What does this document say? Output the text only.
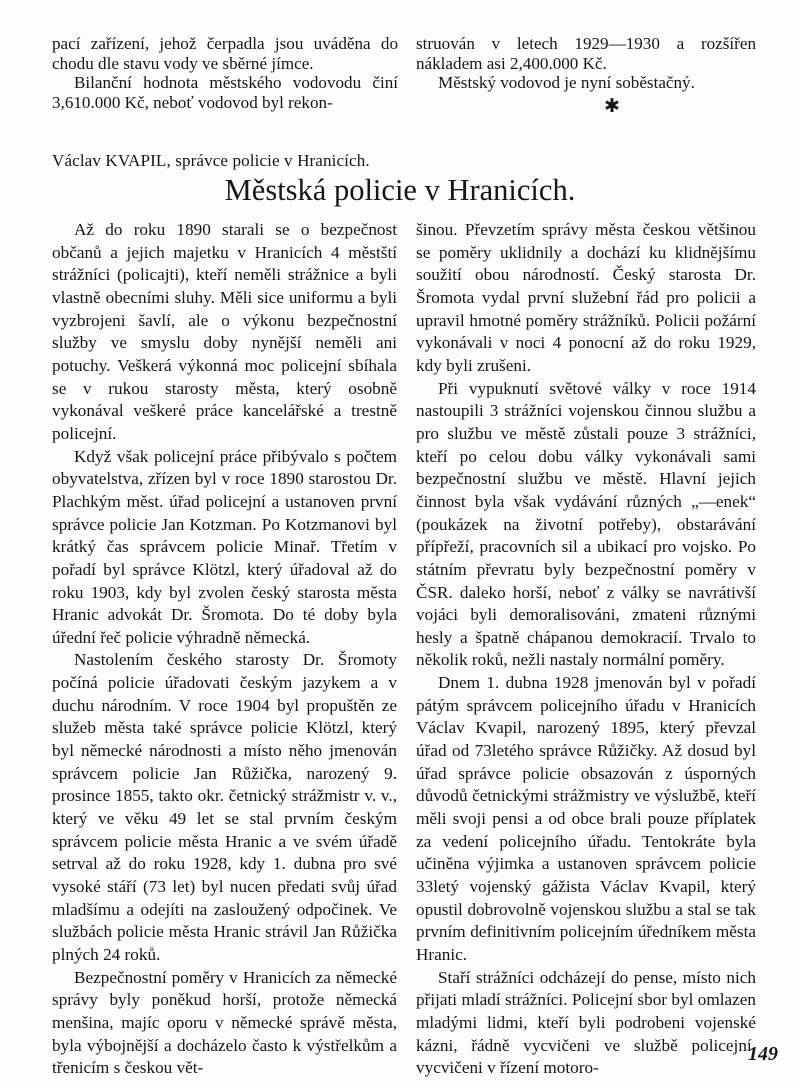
pací zařízení, jehož čerpadla jsou uváděna do chodu dle stavu vody ve sběrné jímce.

Bilanční hodnota městského vodovodu činí 3,610.000 Kč, neboť vodovod byl rekon-

struován v letech 1929—1930 a rozšířen nákladem asi 2,400.000 Kč.

Městský vodovod je nyní soběstačný.

✱
Václav KVAPIL, správce policie v Hranicích.
Městská policie v Hranicích.

Až do roku 1890 starali se o bezpečnost občanů a jejich majetku v Hranicích 4 městští strážníci (policajti), kteří neměli strážnice a byli vlastně obecními sluhy. Měli sice uniformu a byli vyzbrojeni šavlí, ale o výkonu bezpečnostní služby ve smyslu doby nynější neměli ani potuchy. Veškerá výkonná moc policejní sbíhala se v rukou starosty města, který osobně vykonával veškeré práce kancelářské a trestně policejní.

Když však policejní práce přibývalo s počtem obyvatelstva, zřízen byl v roce 1890 starostou Dr. Plachkým měst. úřad policejní a ustanoven první správce policie Jan Kotzman. Po Kotzmanovi byl krátký čas správcem policie Minař. Třetím v pořadí byl správce Klötzl, který úřadoval až do roku 1903, kdy byl zvolen český starosta města Hranic advokát Dr. Šromota. Do té doby byla úřední řeč policie výhradně německá.

Nastolením českého starosty Dr. Šromoty počíná policie úřadovati českým jazykem a v duchu národním. V roce 1904 byl propuštěn ze služeb města také správce policie Klötzl, který byl německé národnosti a místo něho jmenován správcem policie Jan Růžička, narozený 9. prosince 1855, takto okr. četnický strážmistr v. v., který ve věku 49 let se stal prvním českým správcem policie města Hranic a ve svém úřadě setrval až do roku 1928, kdy 1. dubna pro své vysoké stáří (73 let) byl nucen předati svůj úřad mladšímu a odejíti na zasloužený odpočinek. Ve službách policie města Hranic strávil Jan Růžička plných 24 roků.

Bezpečnostní poměry v Hranicích za německé správy byly poněkud horší, protože německá menšina, majíc oporu v německé správě města, byla výbojnější a docházelo často k výstřelkům a třenicím s českou vět-

šinou. Převzetím správy města českou většinou se poměry uklidnily a dochází ku klidnějšímu soužití obou národností. Český starosta Dr. Šromota vydal první služební řád pro policii a upravil hmotné poměry strážníků. Policii požární vykonávali v noci 4 ponocní až do roku 1929, kdy byli zrušeni.

Při vypuknutí světové války v roce 1914 nastoupili 3 strážníci vojenskou činnou službu a pro službu ve městě zůstali pouze 3 strážníci, kteří po celou dobu války vykonávali sami bezpečnostní službu ve městě. Hlavní jejich činnost byla však vydávání různých „—enek“ (poukázek na životní potřeby), obstarávání přípřeží, pracovních sil a ubikací pro vojsko. Po státním převratu byly bezpečnostní poměry v ČSR. daleko horší, neboť z války se navrátivší vojáci byli demoralisováni, zmateni různými hesly a špatně chápanou demokracií. Trvalo to několik roků, nežli nastaly normální poměry.

Dnem 1. dubna 1928 jmenován byl v pořadí pátým správcem policejního úřadu v Hranicích Václav Kvapil, narozený 1895, který převzal úřad od 73letého správce Růžičky. Až dosud byl úřad správce policie obsazován z úsporných důvodů četnickými strážmistry ve výslužbě, kteří měli svoji pensi a od obce brali pouze příplatek za vedení policejního úřadu. Tentokráte byla učiněna výjimka a ustanoven správcem policie 33letý vojenský gážista Václav Kvapil, který opustil dobrovolně vojenskou službu a stal se tak prvním definitivním policejním úředníkem města Hranic.

Staří strážníci odcházejí do pense, místo nich přijati mladí strážníci. Policejní sbor byl omlazen mladými lidmi, kteří byli podrobeni vojenské kázni, řádně vycvičeni ve službě policejní, vycvičeni v řízení motoro-

149
